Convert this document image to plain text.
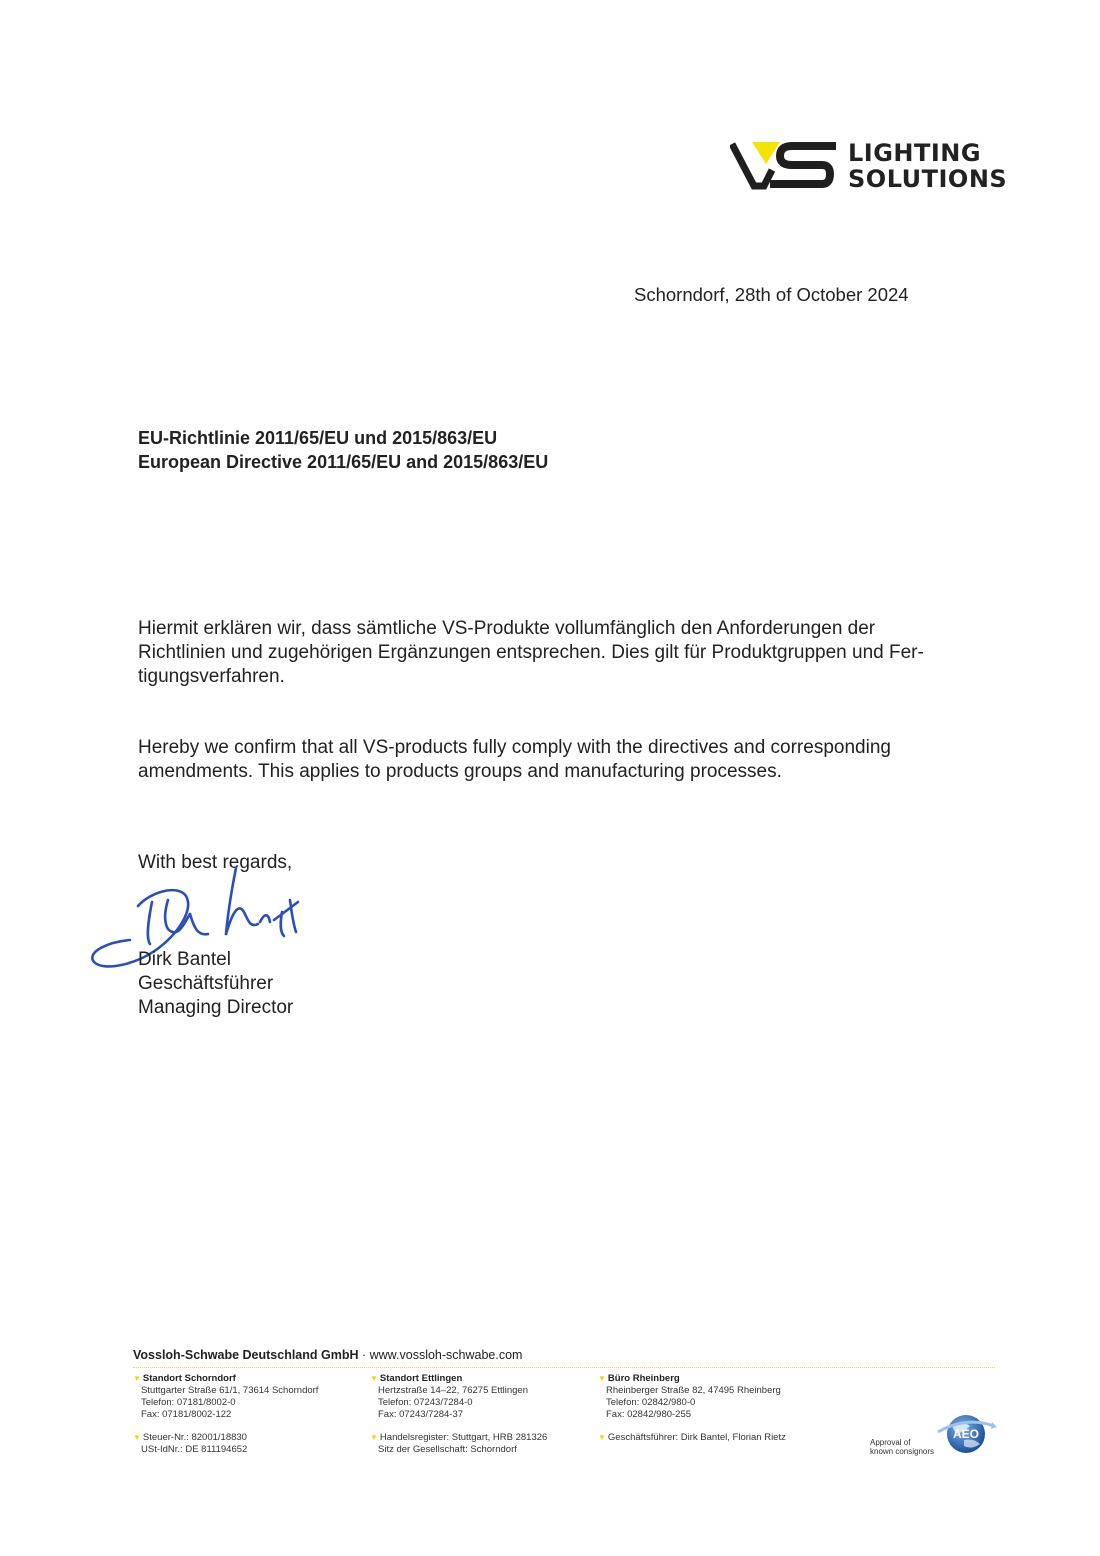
LIGHTING
SOLUTIONS
Schorndorf, 28th of October 2024
EU-Richtlinie 2011/65/EU und 2015/863/EU
European Directive 2011/65/EU and 2015/863/EU
Hiermit erklären wir, dass sämtliche VS-Produkte vollumfänglich den Anforderungen der
Richtlinien und zugehörigen Ergänzungen entsprechen. Dies gilt für Produktgruppen und Fer-
tigungsverfahren.
Hereby we confirm that all VS-products fully comply with the directives and corresponding
amendments. This applies to products groups and manufacturing processes.
With best regards,
Dirk Bantel
Geschäftsführer
Managing Director
Vossloh-Schwabe Deutschland GmbH · www.vossloh-schwabe.com
▼ Standort Schorndorf
Stuttgarter Straße 61/1, 73614 Schorndorf
Telefon: 07181/8002-0
Fax: 07181/8002-122
▼ Standort Ettlingen
Hertzstraße 14–22, 76275 Ettlingen
Telefon: 07243/7284-0
Fax: 07243/7284-37
▼ Büro Rheinberg
Rheinberger Straße 82, 47495 Rheinberg
Telefon: 02842/980-0
Fax: 02842/980-255
▼ Steuer-Nr.: 82001/18830
USt-IdNr.: DE 811194652
▼ Handelsregister: Stuttgart, HRB 281326
Sitz der Gesellschaft: Schorndorf
▼ Geschäftsführer: Dirk Bantel, Florian Rietz	AEO
Approval of
known consignors
